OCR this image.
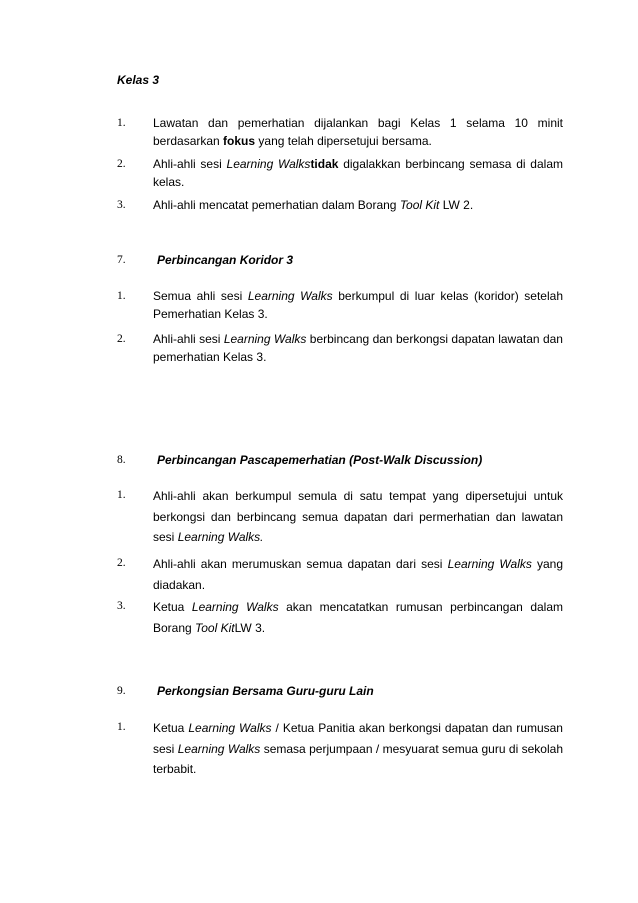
Kelas 3
1. Lawatan dan pemerhatian dijalankan bagi Kelas 1 selama 10 minit berdasarkan fokus yang telah dipersetujui bersama.
2. Ahli-ahli sesi Learning Walkstidak digalakkan berbincang semasa di dalam kelas.
3. Ahli-ahli mencatat pemerhatian dalam Borang Tool Kit LW 2.
7.	Perbincangan Koridor 3
1. Semua ahli sesi Learning Walks berkumpul di luar kelas (koridor) setelah Pemerhatian Kelas 3.
2. Ahli-ahli sesi Learning Walks berbincang dan berkongsi dapatan lawatan dan pemerhatian Kelas 3.
8.	Perbincangan Pascapemerhatian (Post-Walk Discussion)
1. Ahli-ahli akan berkumpul semula di satu tempat yang dipersetujui untuk berkongsi dan berbincang semua dapatan dari permerhatian dan lawatan sesi Learning Walks.
2. Ahli-ahli akan merumuskan semua dapatan dari sesi Learning Walks yang diadakan.
3. Ketua Learning Walks akan mencatatkan rumusan perbincangan dalam Borang Tool KitLW 3.
9.	Perkongsian Bersama Guru-guru Lain
1. Ketua Learning Walks / Ketua Panitia akan berkongsi dapatan dan rumusan sesi Learning Walks semasa perjumpaan / mesyuarat semua guru di sekolah terbabit.
